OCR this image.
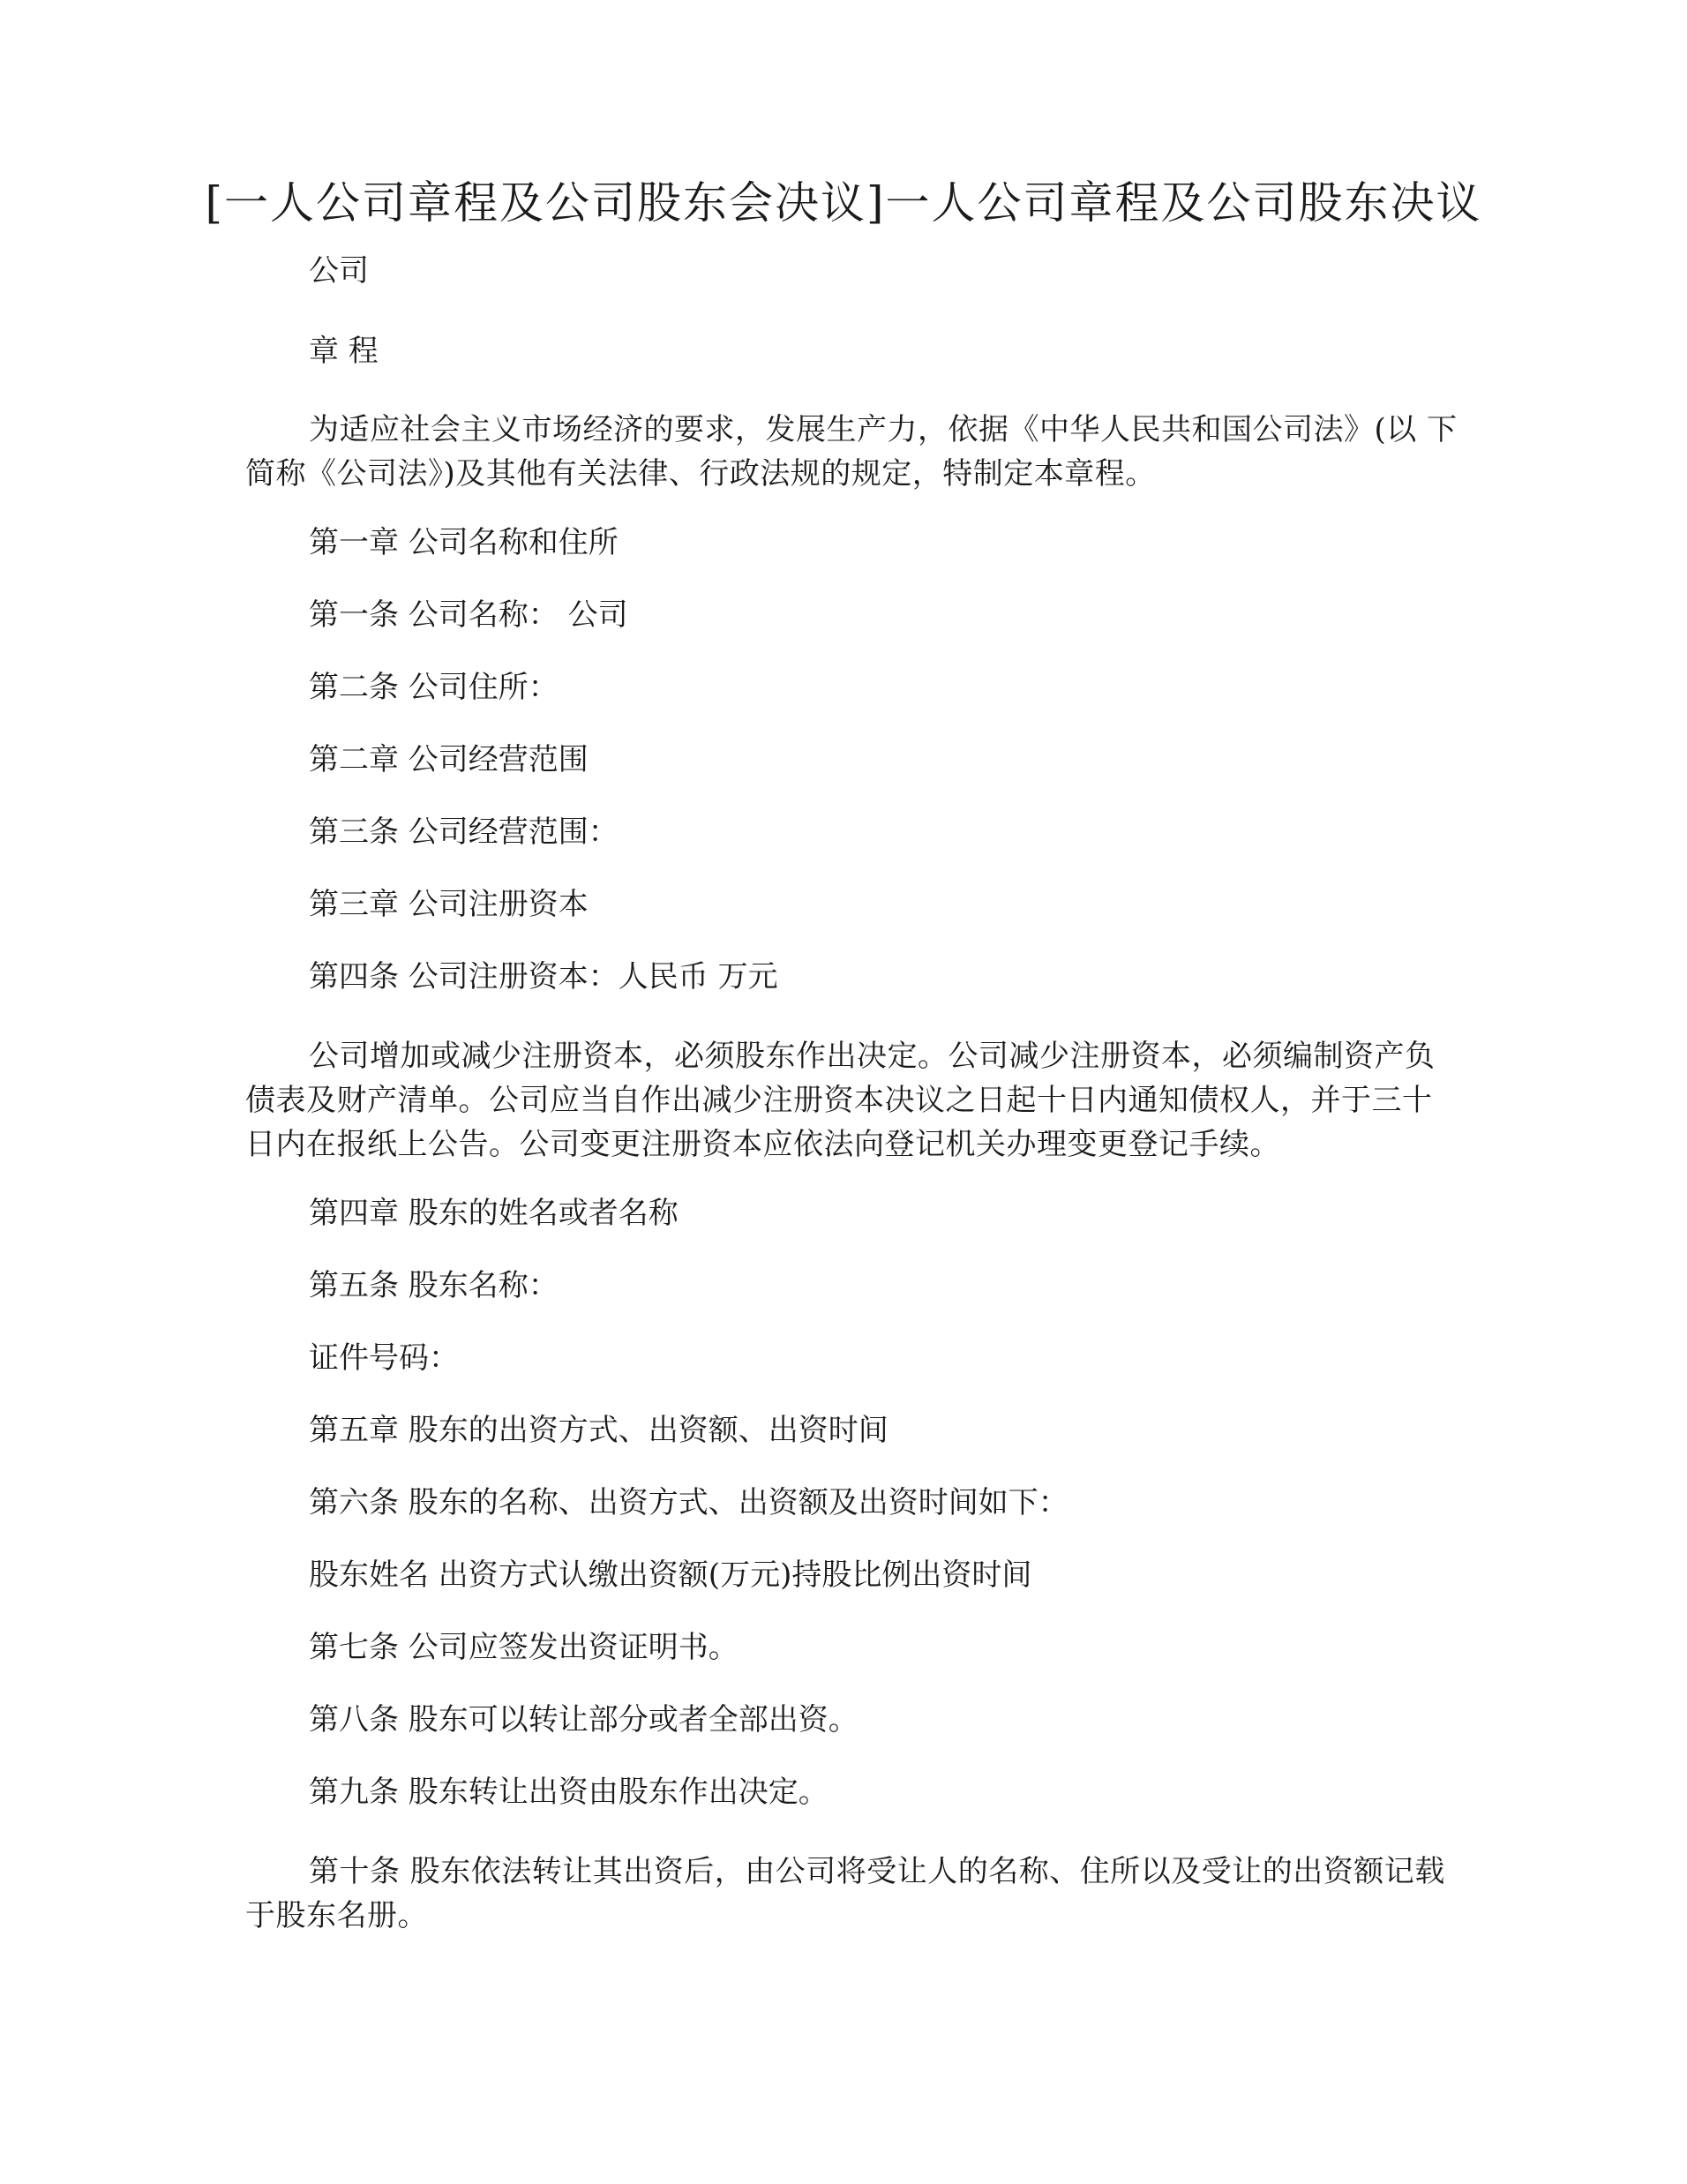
[一人公司章程及公司股东会决议]一人公司章程及公司股东决议
公司
章 程
为适应社会主义市场经济的要求，发展生产力，依据《中华人民共和国公司法》(以 下简称《公司法》)及其他有关法律、行政法规的规定，特制定本章程。
第一章 公司名称和住所
第一条 公司名称： 公司
第二条 公司住所：
第二章 公司经营范围
第三条 公司经营范围：
第三章 公司注册资本
第四条 公司注册资本：人民币 万元
公司增加或减少注册资本，必须股东作出决定。公司减少注册资本，必须编制资产负 债表及财产清单。公司应当自作出减少注册资本决议之日起十日内通知债权人，并于三十 日内在报纸上公告。公司变更注册资本应依法向登记机关办理变更登记手续。
第四章 股东的姓名或者名称
第五条 股东名称：
证件号码：
第五章 股东的出资方式、出资额、出资时间
第六条 股东的名称、出资方式、出资额及出资时间如下：
股东姓名 出资方式认缴出资额(万元)持股比例出资时间
第七条 公司应签发出资证明书。
第八条 股东可以转让部分或者全部出资。
第九条 股东转让出资由股东作出决定。
第十条 股东依法转让其出资后，由公司将受让人的名称、住所以及受让的出资额记载于股东名册。
